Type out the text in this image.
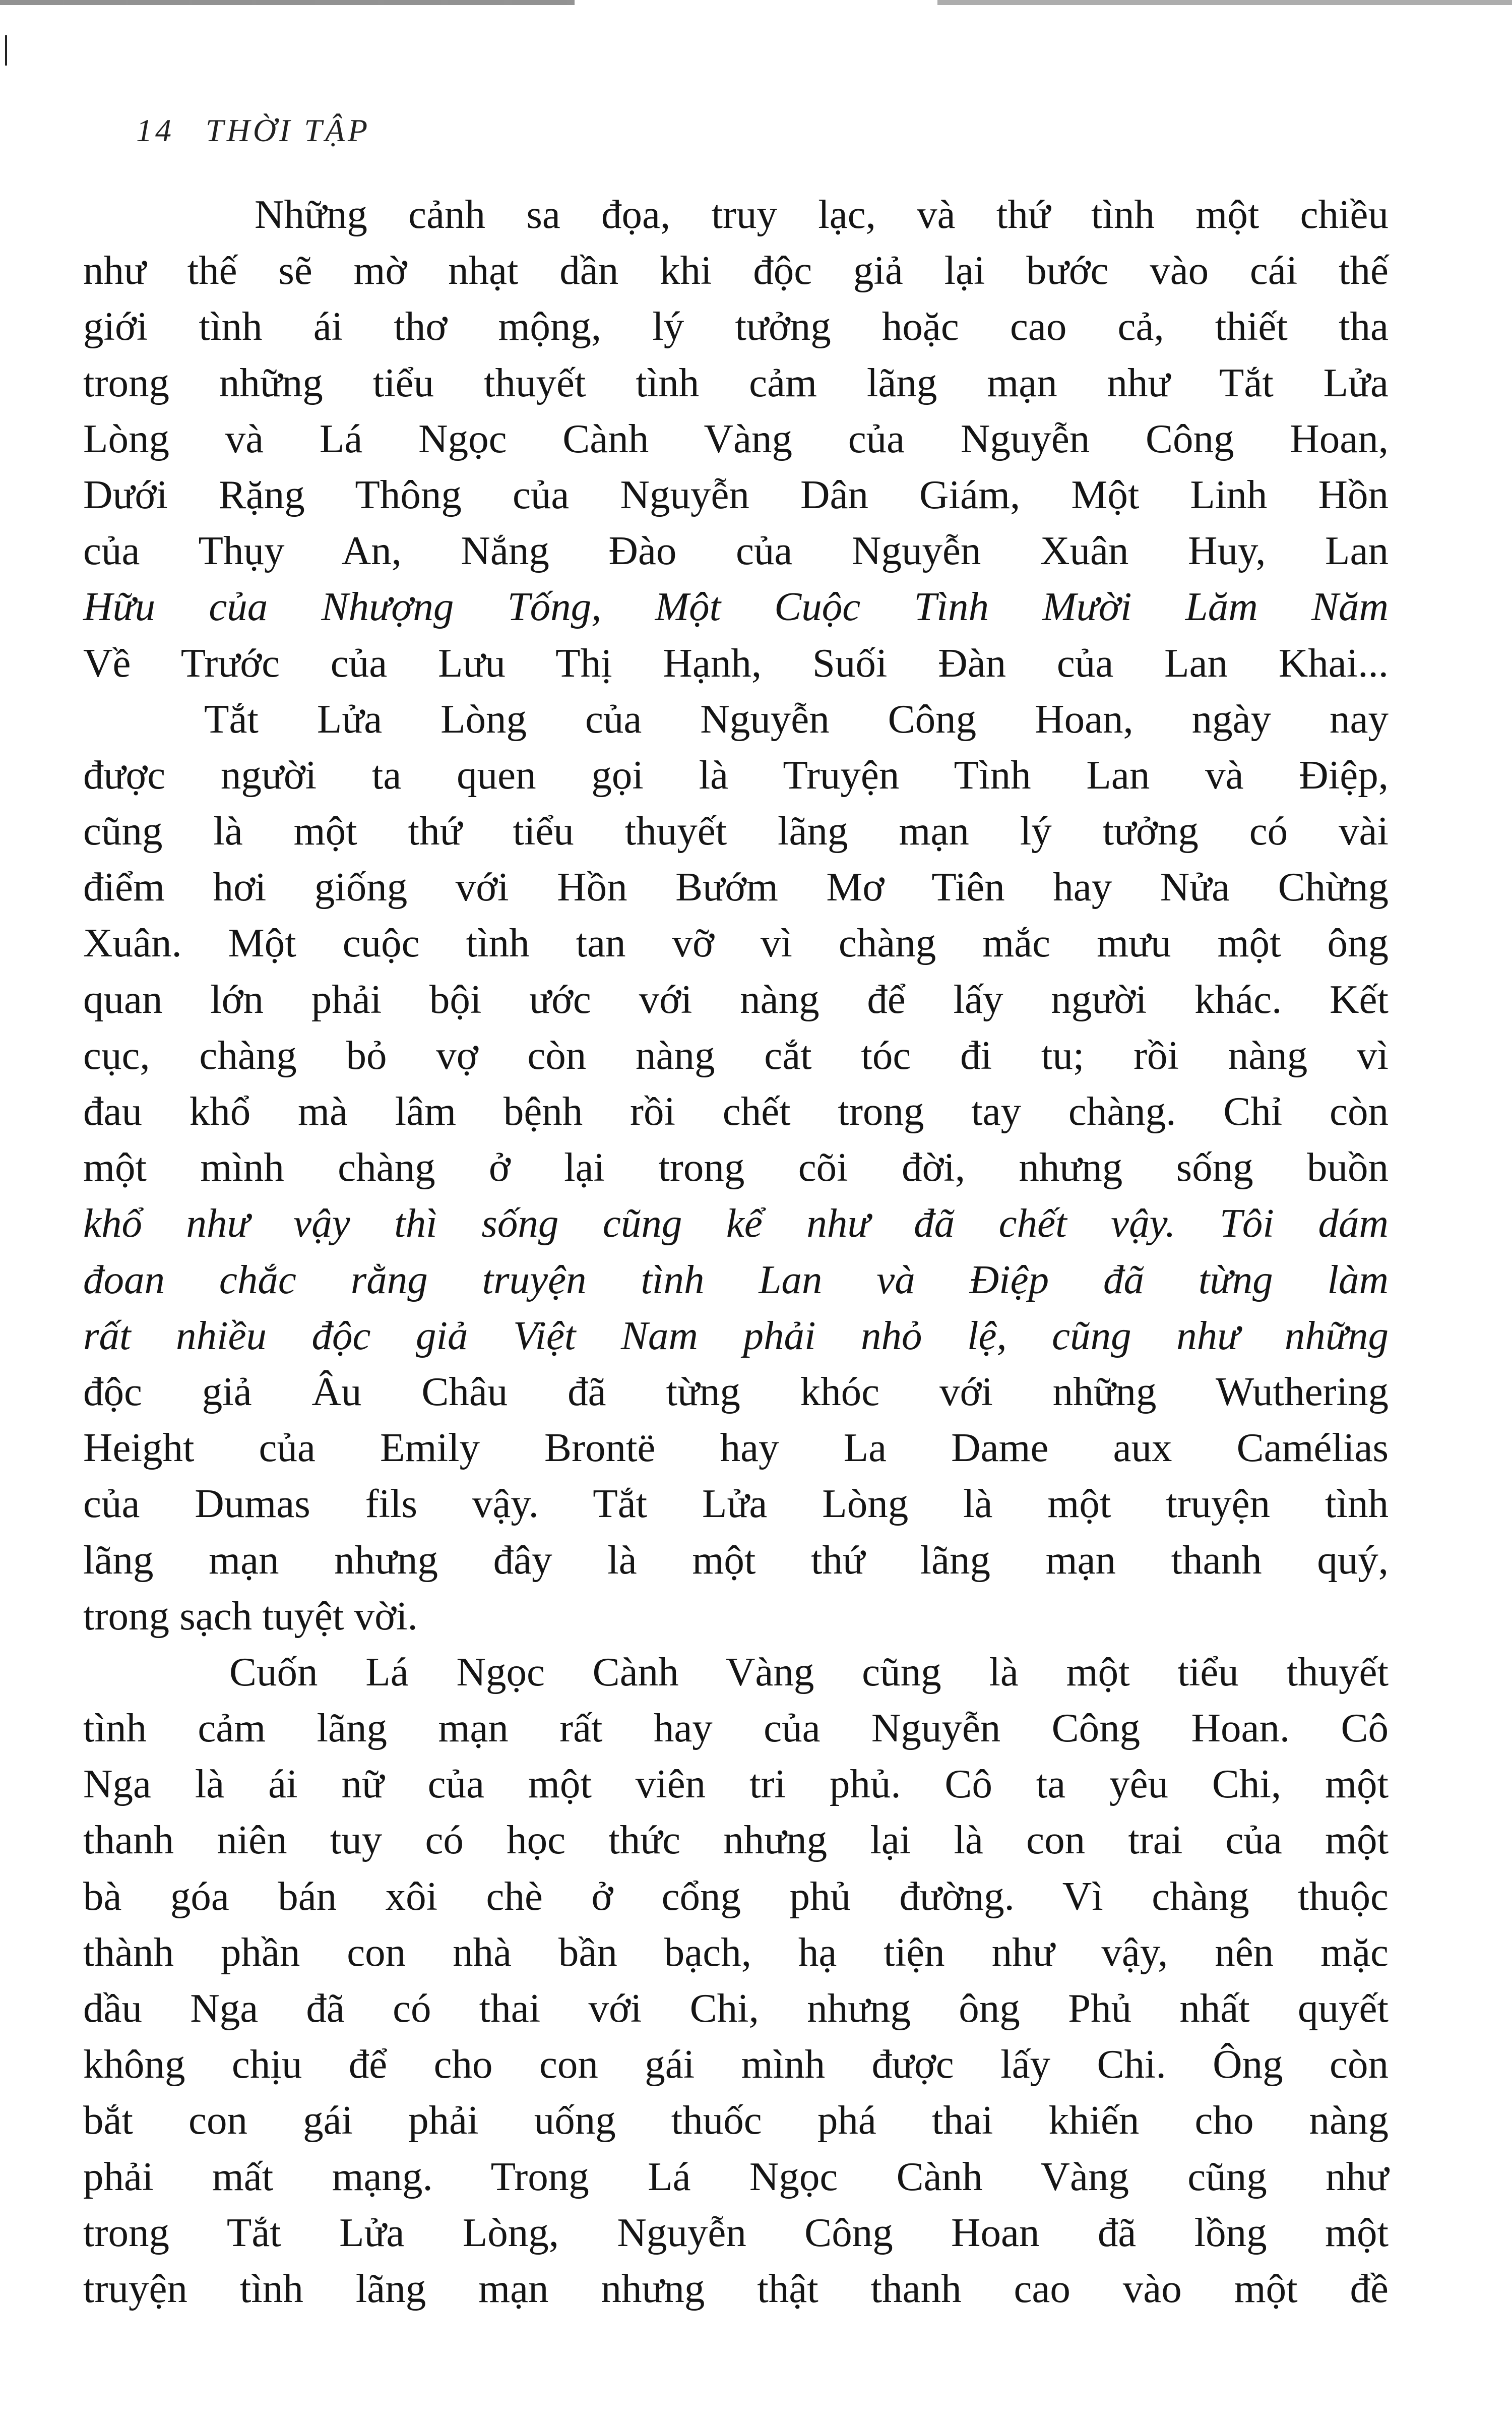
14 THỜI TẬP
Những cảnh sa đọa, truy lạc, và thứ tình một chiều
như thế sẽ mờ nhạt dần khi độc giả lại bước vào cái thế
giới tình ái thơ mộng, lý tưởng hoặc cao cả, thiết tha
trong những tiểu thuyết tình cảm lãng mạn như Tắt Lửa
Lòng và Lá Ngọc Cành Vàng của Nguyễn Công Hoan,
Dưới Rặng Thông của Nguyễn Dân Giám, Một Linh Hồn
của Thụy An, Nắng Đào của Nguyễn Xuân Huy, Lan
Hữu của Nhượng Tống, Một Cuộc Tình Mười Lăm Năm
Về Trước của Lưu Thị Hạnh, Suối Đàn của Lan Khai...
Tắt Lửa Lòng của Nguyễn Công Hoan, ngày nay
được người ta quen gọi là Truyện Tình Lan và Điệp,
cũng là một thứ tiểu thuyết lãng mạn lý tưởng có vài
điểm hơi giống với Hồn Bướm Mơ Tiên hay Nửa Chừng
Xuân. Một cuộc tình tan vỡ vì chàng mắc mưu một ông
quan lớn phải bội ước với nàng để lấy người khác. Kết
cục, chàng bỏ vợ còn nàng cắt tóc đi tu; rồi nàng vì
đau khổ mà lâm bệnh rồi chết trong tay chàng. Chỉ còn
một mình chàng ở lại trong cõi đời, nhưng sống buồn
khổ như vậy thì sống cũng kể như đã chết vậy. Tôi dám
đoan chắc rằng truyện tình Lan và Điệp đã từng làm
rất nhiều độc giả Việt Nam phải nhỏ lệ, cũng như những
độc giả Âu Châu đã từng khóc với những Wuthering
Height của Emily Brontë hay La Dame aux Camélias
của Dumas fils vậy. Tắt Lửa Lòng là một truyện tình
lãng mạn nhưng đây là một thứ lãng mạn thanh quý,
trong sạch tuyệt vời.
Cuốn Lá Ngọc Cành Vàng cũng là một tiểu thuyết
tình cảm lãng mạn rất hay của Nguyễn Công Hoan. Cô
Nga là ái nữ của một viên tri phủ. Cô ta yêu Chi, một
thanh niên tuy có học thức nhưng lại là con trai của một
bà góa bán xôi chè ở cổng phủ đường. Vì chàng thuộc
thành phần con nhà bần bạch, hạ tiện như vậy, nên mặc
dầu Nga đã có thai với Chi, nhưng ông Phủ nhất quyết
không chịu để cho con gái mình được lấy Chi. Ông còn
bắt con gái phải uống thuốc phá thai khiến cho nàng
phải mất mạng. Trong Lá Ngọc Cành Vàng cũng như
trong Tắt Lửa Lòng, Nguyễn Công Hoan đã lồng một
truyện tình lãng mạn nhưng thật thanh cao vào một đề
